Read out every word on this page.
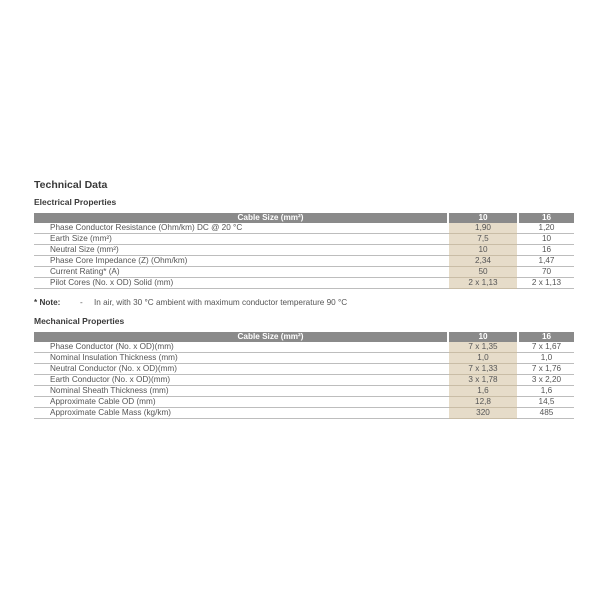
Technical Data
Electrical Properties
Cable Size (mm²)		10		16
Phase Conductor Resistance (Ohm/km) DC @ 20 °C		1,90		1,20
Earth Size (mm²)		7,5		10
Neutral Size (mm²)		10		16
Phase Core Impedance (Z) (Ohm/km)		2,34		1,47
Current Rating* (A)		50		70
Pilot Cores (No. x OD) Solid (mm)		2 x 1,13		2 x 1,13
* Note: - In air, with 30 °C ambient with maximum conductor temperature 90 °C
Mechanical Properties
Cable Size (mm²)		10		16
Phase Conductor (No. x OD)(mm)		7 x 1,35		7 x 1,67
Nominal Insulation Thickness (mm)		1,0		1,0
Neutral Conductor (No. x OD)(mm)		7 x 1,33		7 x 1,76
Earth Conductor (No. x OD)(mm)		3 x 1,78		3 x 2,20
Nominal Sheath Thickness (mm)		1,6		1,6
Approximate Cable OD (mm)		12,8		14,5
Approximate Cable Mass (kg/km)		320		485
